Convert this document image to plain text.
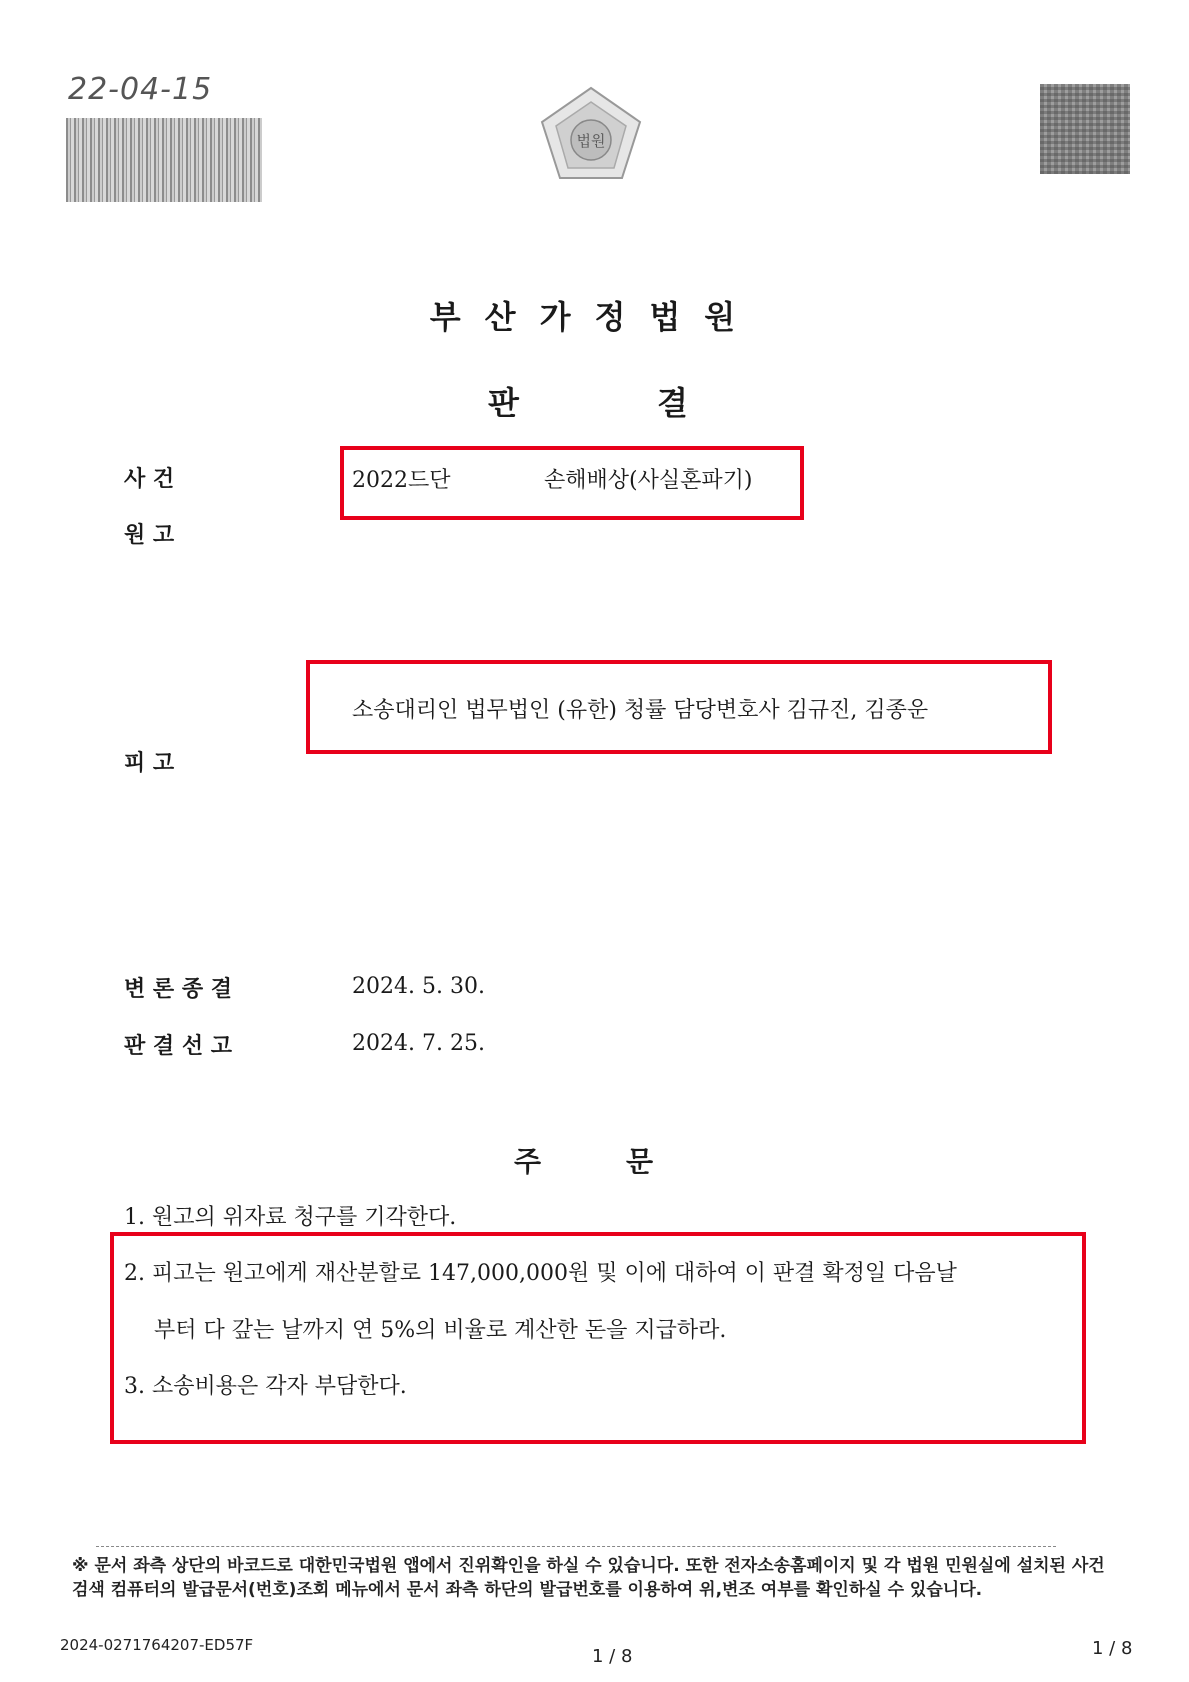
22-04-15
법원
부산가정법원
판	결
사 건	2022드단	손해배상(사실혼파기)
원 고
소송대리인 법무법인 (유한) 청률 담당변호사 김규진, 김종운
피 고
변 론 종 결	2024. 5. 30.
판 결 선 고	2024. 7. 25.
주	문
1. 원고의 위자료 청구를 기각한다.
2. 피고는 원고에게 재산분할로 147,000,000원 및 이에 대하여 이 판결 확정일 다음날
부터 다 갚는 날까지 연 5%의 비율로 계산한 돈을 지급하라.
3. 소송비용은 각자 부담한다.
※ 문서 좌측 상단의 바코드로 대한민국법원 앱에서 진위확인을 하실 수 있습니다. 또한 전자소송홈페이지 및 각 법원 민원실에 설치된 사건검색 컴퓨터의 발급문서(번호)조회 메뉴에서 문서 좌측 하단의 발급번호를 이용하여 위,변조 여부를 확인하실 수 있습니다.
2024-0271764207-ED57F
1 / 8	1 / 8
